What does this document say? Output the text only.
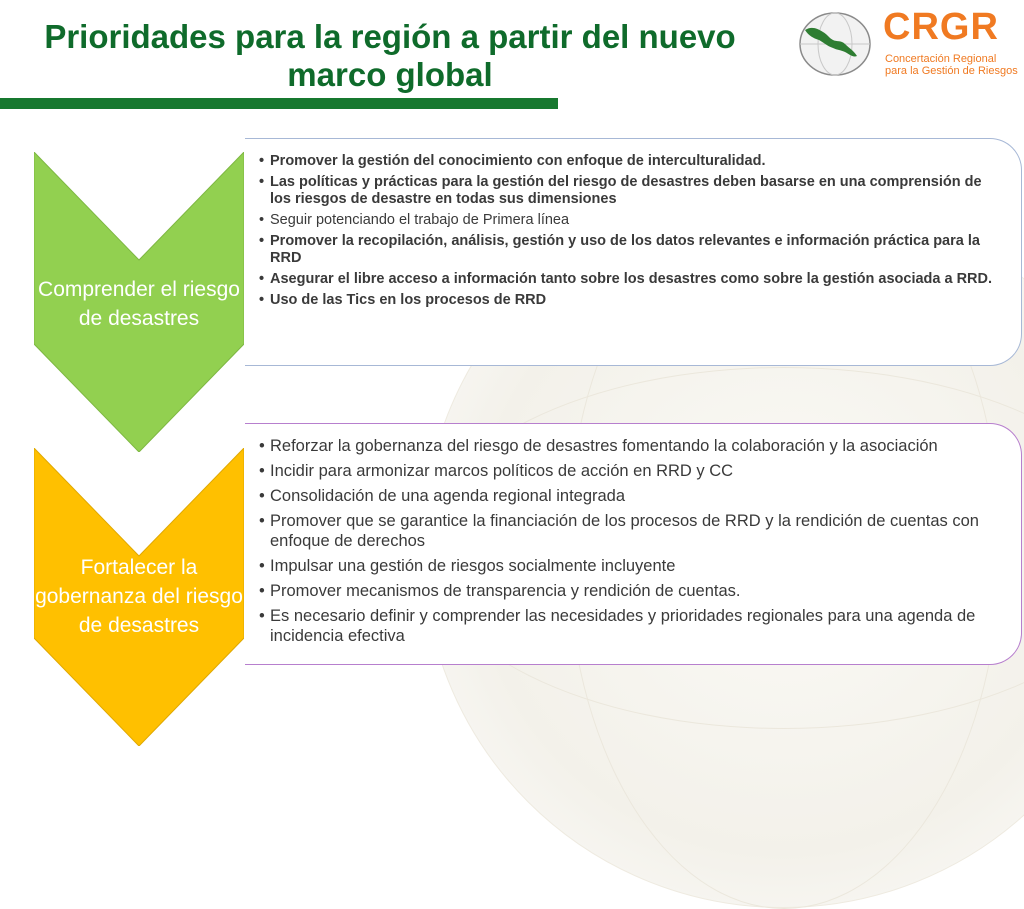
Prioridades para la región a partir del nuevo marco global
CRGR
Concertación Regional
para la Gestión de Riesgos
Comprender el riesgo de desastres
• Promover la gestión del conocimiento con enfoque de interculturalidad.
• Las políticas y prácticas para la gestión del riesgo de desastres deben basarse en una comprensión de los riesgos de desastre en todas sus dimensiones
• Seguir potenciando el trabajo de Primera línea
• Promover la recopilación, análisis, gestión y uso de los datos relevantes e información práctica para la RRD
• Asegurar el libre acceso a información tanto sobre los desastres como sobre la gestión asociada a RRD.
• Uso de las Tics en los procesos de RRD
Fortalecer la gobernanza del riesgo de desastres
• Reforzar la gobernanza del riesgo de desastres fomentando la colaboración y la asociación
• Incidir para armonizar marcos políticos de acción en RRD y CC
• Consolidación de una agenda regional integrada
• Promover que se garantice la financiación de los procesos de RRD y la rendición de cuentas con enfoque de derechos
• Impulsar una gestión de riesgos socialmente incluyente
• Promover mecanismos de transparencia y rendición de cuentas.
• Es necesario definir y comprender las necesidades y prioridades regionales para una agenda de incidencia efectiva
